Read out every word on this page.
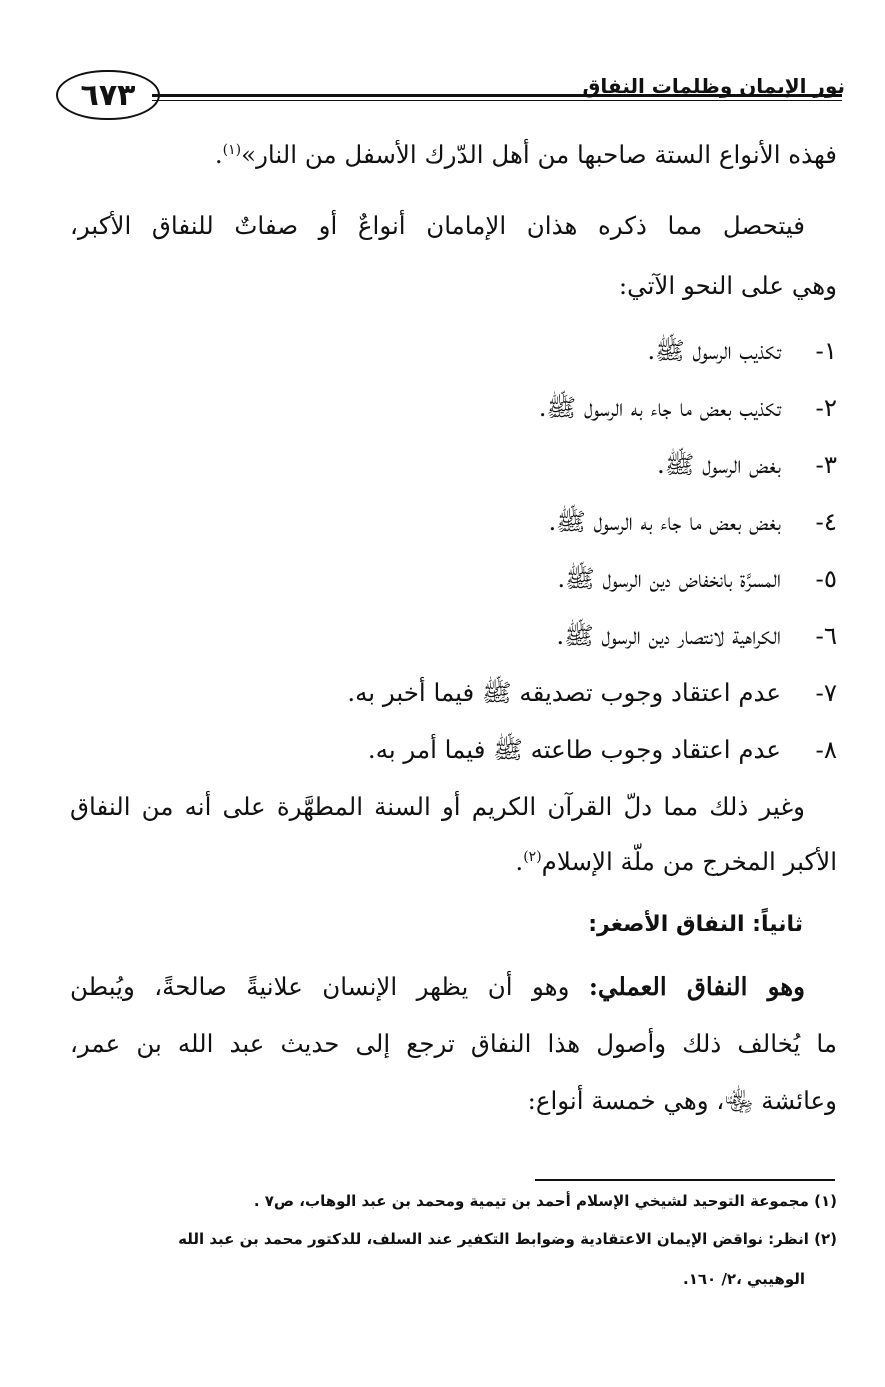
نور الإيمان وظلمات النفاق
٦٧٣
فهذه الأنواع الستة صاحبها من أهل الدّرك الأسفل من النار»$^{(١)}$.
فيتحصل مما ذكره هذان الإمامان أنواعٌ أو صفاتٌ للنفاق الأكبر،
وهي على النحو الآتي:
١-
تكذيب الرسول ﷺ.
٢-
تكذيب بعض ما جاء به الرسول ﷺ.
٣-
بغض الرسول ﷺ.
٤-
بغض بعض ما جاء به الرسول ﷺ.
٥-
المسرَّة بانخفاض دين الرسول ﷺ.
٦-
الكراهية لانتصار دين الرسول ﷺ.
٧-
عدم اعتقاد وجوب تصديقه ﷺ فيما أخبر به.
٨-
عدم اعتقاد وجوب طاعته ﷺ فيما أمر به.
وغير ذلك مما دلّ القرآن الكريم أو السنة المطهَّرة على أنه من النفاق
الأكبر المخرج من ملّة الإسلام$^{(٢)}$.
ثانياً: النفاق الأصغر:
وهو النفاق العملي: وهو أن يظهر الإنسان علانيةً صالحةً، ويُبطن
ما يُخالف ذلك وأصول هذا النفاق ترجع إلى حديث عبد الله بن عمر،
وعائشة ﵄، وهي خمسة أنواع:
(١) مجموعة التوحيد لشيخي الإسلام أحمد بن تيمية ومحمد بن عبد الوهاب، ص٧ .
(٢) انظر: نواقض الإيمان الاعتقادية وضوابط التكفير عند السلف، للدكتور محمد بن عبد الله
الوهيبي ،٢/ ١٦٠.
